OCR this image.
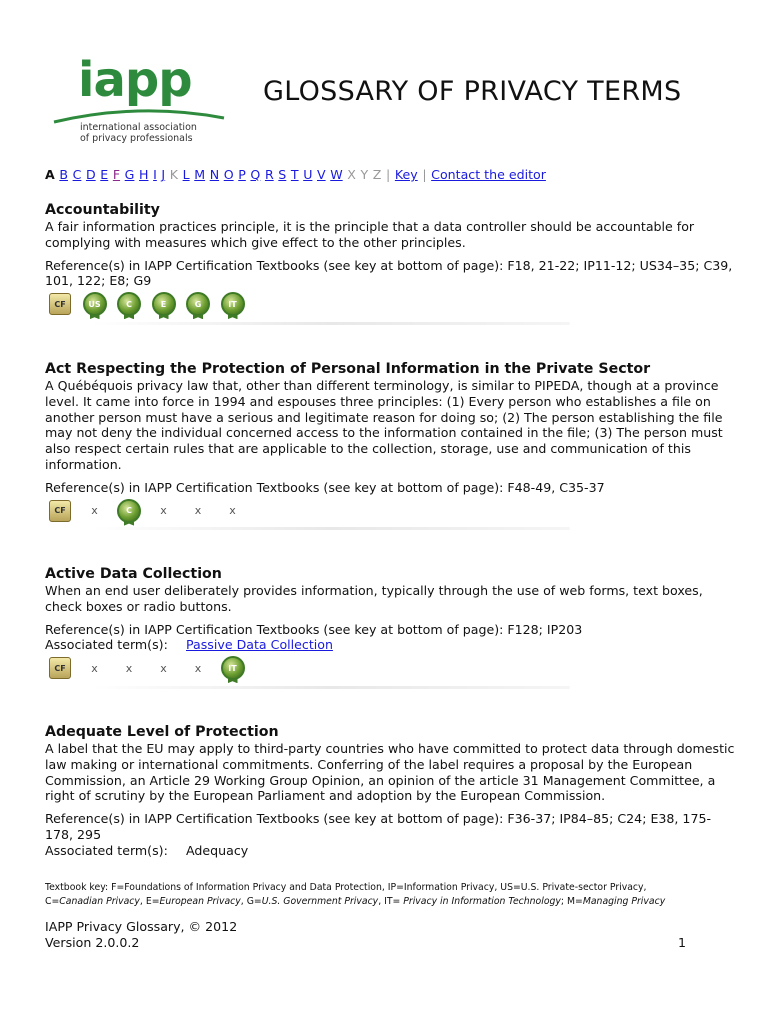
iapp
international association
of privacy professionals
GLOSSARY OF PRIVACY TERMS
A B C D E F G H I J K L M N O P Q R S T U V W X Y Z | Key | Contact the editor
Accountability

A fair information practices principle, it is the principle that a data controller should be accountable for complying with measures which give effect to the other principles.

Reference(s) in IAPP Certification Textbooks (see key at bottom of page): F18, 21-22; IP11-12; US34–35; C39, 101, 122; E8; G9
CF	US	C	E	G	IT
Act Respecting the Protection of Personal Information in the Private Sector

A Québéquois privacy law that, other than different terminology, is similar to PIPEDA, though at a province level. It came into force in 1994 and espouses three principles: (1) Every person who establishes a file on another person must have a serious and legitimate reason for doing so; (2) The person establishing the file may not deny the individual concerned access to the information contained in the file; (3) The person must also respect certain rules that are applicable to the collection, storage, use and communication of this information.

Reference(s) in IAPP Certification Textbooks (see key at bottom of page): F48-49, C35-37
CF	x	C	x	x	x
Active Data Collection

When an end user deliberately provides information, typically through the use of web forms, text boxes, check boxes or radio buttons.

Reference(s) in IAPP Certification Textbooks (see key at bottom of page): F128; IP203
Associated term(s): Passive Data Collection
CF	x	x	x	x	IT
Adequate Level of Protection

A label that the EU may apply to third-party countries who have committed to protect data through domestic law making or international commitments. Conferring of the label requires a proposal by the European Commission, an Article 29 Working Group Opinion, an opinion of the article 31 Management Committee, a right of scrutiny by the European Parliament and adoption by the European Commission.

Reference(s) in IAPP Certification Textbooks (see key at bottom of page): F36-37; IP84–85; C24; E38, 175-178, 295
Associated term(s): Adequacy
Textbook key: F=Foundations of Information Privacy and Data Protection, IP=Information Privacy, US=U.S. Private-sector Privacy,
C=Canadian Privacy, E=European Privacy, G=U.S. Government Privacy, IT= Privacy in Information Technology; M=Managing Privacy
IAPP Privacy Glossary, © 2012
Version 2.0.0.2	1
